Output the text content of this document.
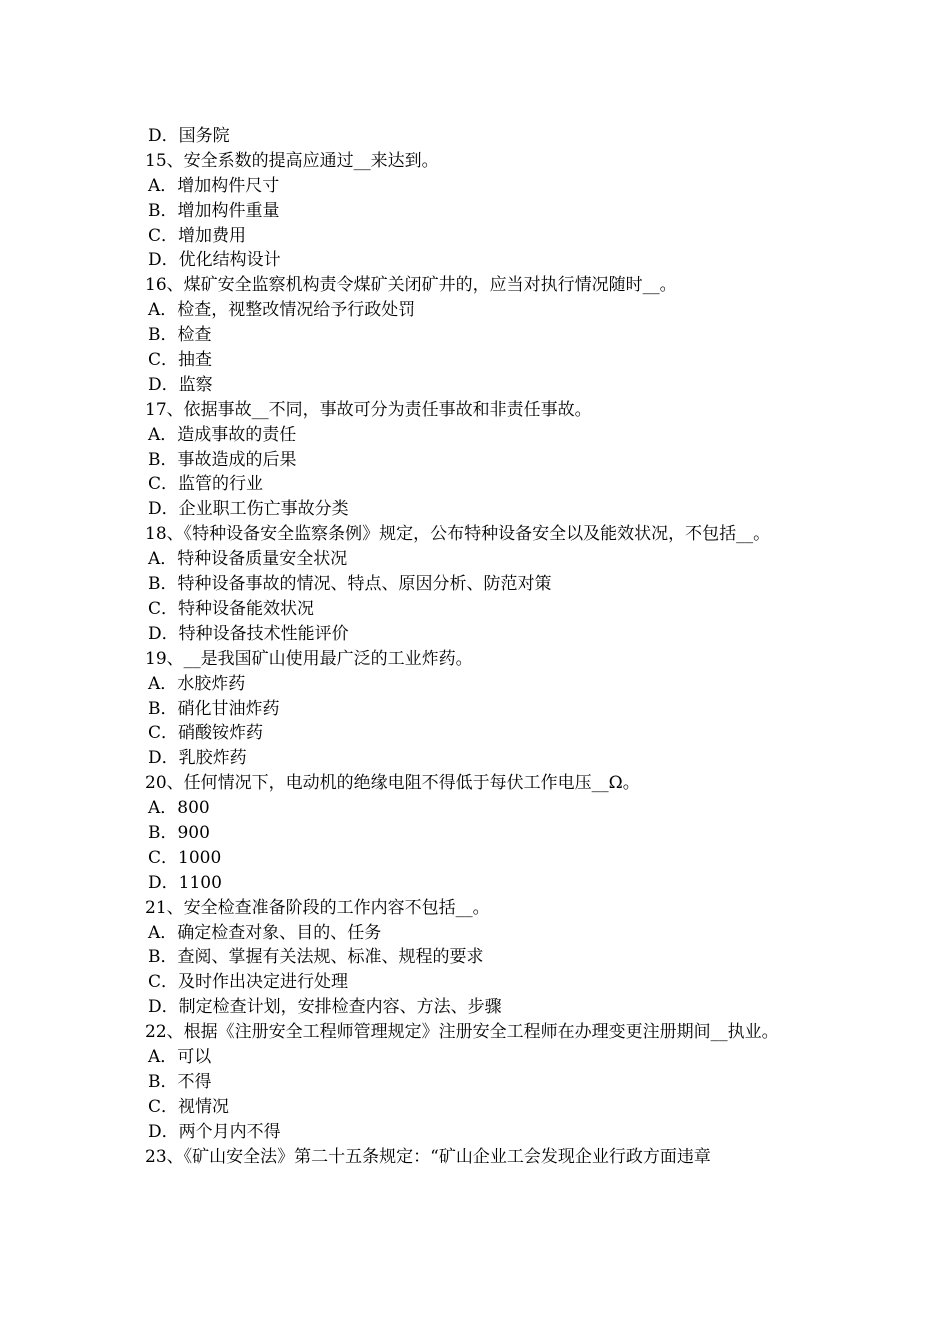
D．国务院
15、安全系数的提高应通过__来达到。
A．增加构件尺寸
B．增加构件重量
C．增加费用
D．优化结构设计
16、煤矿安全监察机构责令煤矿关闭矿井的，应当对执行情况随时__。
A．检查，视整改情况给予行政处罚
B．检查
C．抽查
D．监察
17、依据事故__不同，事故可分为责任事故和非责任事故。
A．造成事故的责任
B．事故造成的后果
C．监管的行业
D．企业职工伤亡事故分类
18、《特种设备安全监察条例》规定，公布特种设备安全以及能效状况，不包括__。
A．特种设备质量安全状况
B．特种设备事故的情况、特点、原因分析、防范对策
C．特种设备能效状况
D．特种设备技术性能评价
19、__是我国矿山使用最广泛的工业炸药。
A．水胶炸药
B．硝化甘油炸药
C．硝酸铵炸药
D．乳胶炸药
20、任何情况下，电动机的绝缘电阻不得低于每伏工作电压__Ω。
A．800
B．900
C．1000
D．1100
21、安全检查准备阶段的工作内容不包括__。
A．确定检查对象、目的、任务
B．查阅、掌握有关法规、标准、规程的要求
C．及时作出决定进行处理
D．制定检查计划，安排检查内容、方法、步骤
22、根据《注册安全工程师管理规定》注册安全工程师在办理变更注册期间__执业。
A．可以
B．不得
C．视情况
D．两个月内不得
23、《矿山安全法》第二十五条规定：“矿山企业工会发现企业行政方面违章
